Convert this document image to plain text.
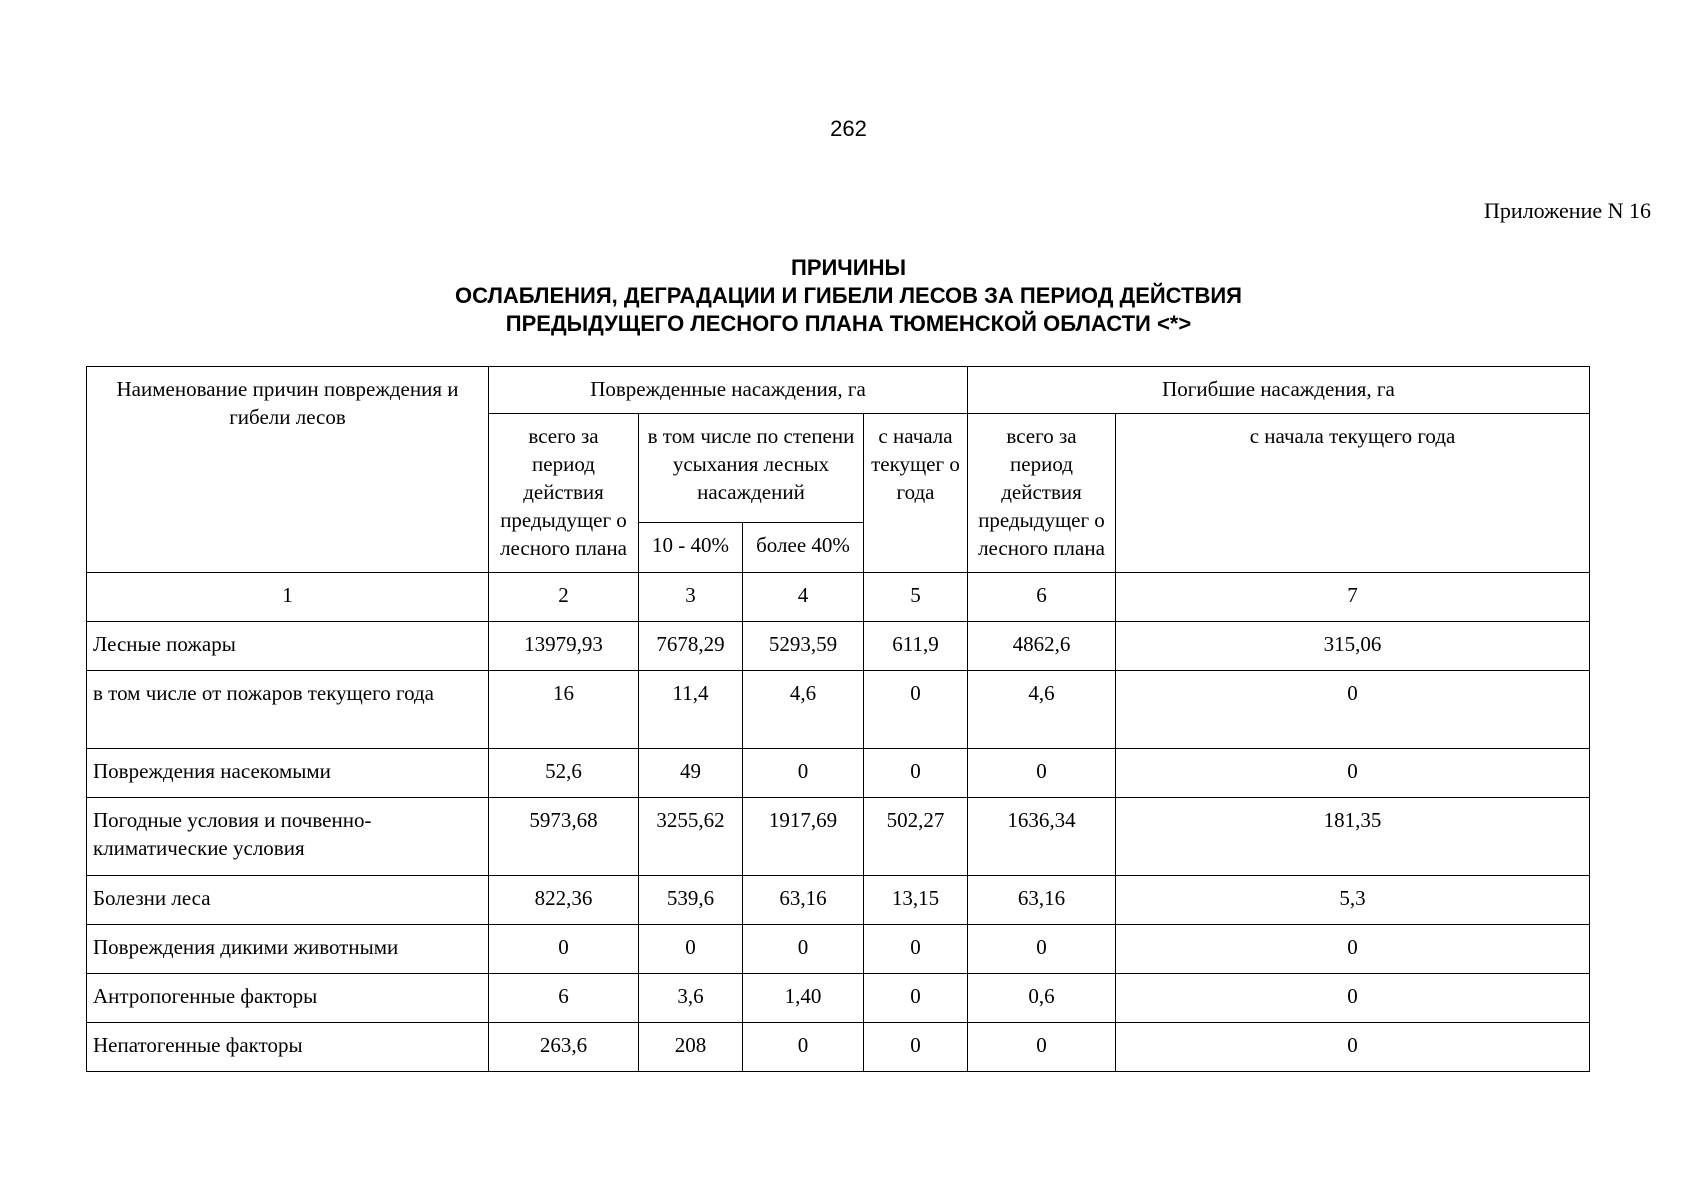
262
Приложение N 16
ПРИЧИНЫ
ОСЛАБЛЕНИЯ, ДЕГРАДАЦИИ И ГИБЕЛИ ЛЕСОВ ЗА ПЕРИОД ДЕЙСТВИЯ
ПРЕДЫДУЩЕГО ЛЕСНОГО ПЛАНА ТЮМЕНСКОЙ ОБЛАСТИ <*>
Наименование причин повреждения и гибели лесов	Поврежденные насаждения, га				Погибшие насаждения, га	
	всего за период действия предыдущег о лесного плана	в том числе по степени усыхания лесных насаждений		с начала текущег о года	всего за период действия предыдущег о лесного плана	с начала текущего года
		10 - 40%	более 40%			
1	2	3	4	5	6	7
Лесные пожары	13979,93	7678,29	5293,59	611,9	4862,6	315,06
в том числе от пожаров текущего года	16	11,4	4,6	0	4,6	0
Повреждения насекомыми	52,6	49	0	0	0	0
Погодные условия и почвенно-климатические условия	5973,68	3255,62	1917,69	502,27	1636,34	181,35
Болезни леса	822,36	539,6	63,16	13,15	63,16	5,3
Повреждения дикими животными	0	0	0	0	0	0
Антропогенные факторы	6	3,6	1,40	0	0,6	0
Непатогенные факторы	263,6	208	0	0	0	0
